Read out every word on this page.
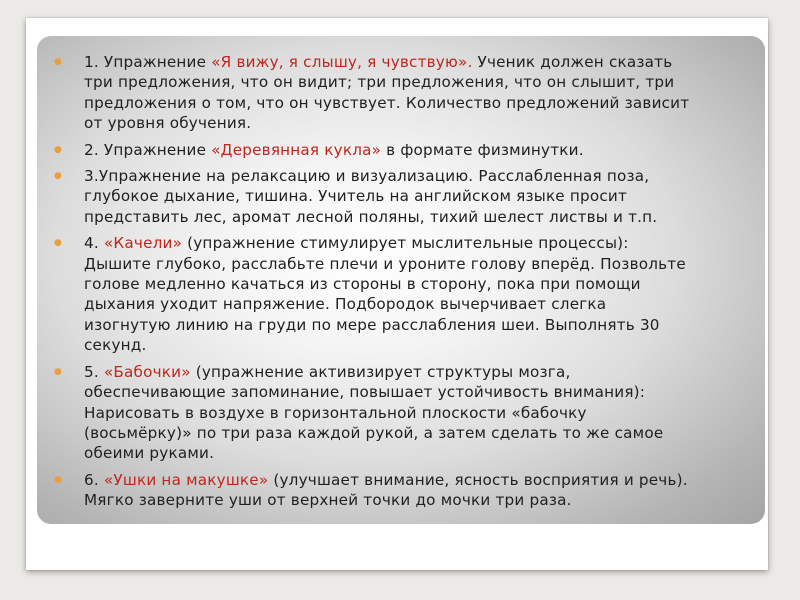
●	1. Упражнение «Я вижу, я слышу, я чувствую». Ученик должен сказать
три предложения, что он видит; три предложения, что он слышит, три
предложения о том, что он чувствует. Количество предложений зависит
от уровня обучения.
●	2. Упражнение «Деревянная кукла» в формате физминутки.
●	3.Упражнение на релаксацию и визуализацию. Расслабленная поза,
глубокое дыхание, тишина. Учитель на английском языке просит
представить лес, аромат лесной поляны, тихий шелест листвы и т.п.
●	4. «Качели» (упражнение стимулирует мыслительные процессы):
Дышите глубоко, расслабьте плечи и уроните голову вперёд. Позвольте
голове медленно качаться из стороны в сторону, пока при помощи
дыхания уходит напряжение. Подбородок вычерчивает слегка
изогнутую линию на груди по мере расслабления шеи. Выполнять 30
секунд.
●	5. «Бабочки» (упражнение активизирует структуры мозга,
обеспечивающие запоминание, повышает устойчивость внимания):
Нарисовать в воздухе в горизонтальной плоскости «бабочку
(восьмёрку)» по три раза каждой рукой, а затем сделать то же самое
обеими руками.
●	6. «Ушки на макушке» (улучшает внимание, ясность восприятия и речь).
Мягко заверните уши от верхней точки до мочки три раза.
